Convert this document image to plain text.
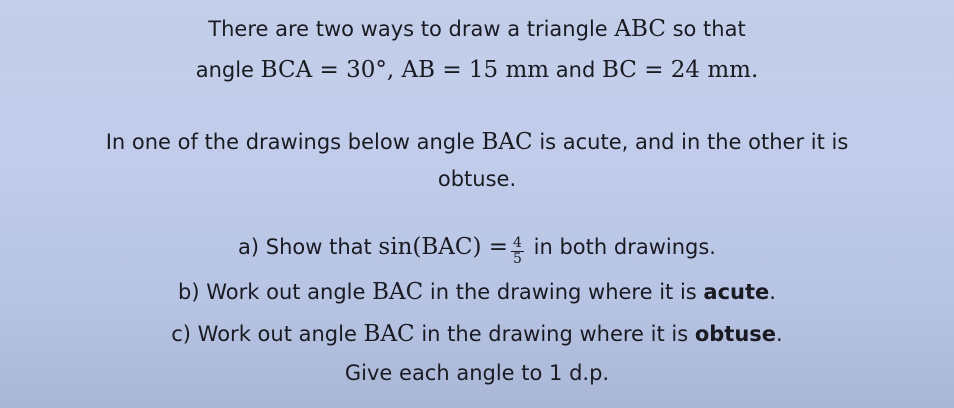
There are two ways to draw a triangle ABC so that
angle BCA = 30°, AB = 15 mm and BC = 24 mm.
In one of the drawings below angle BAC is acute, and in the other it is
obtuse.
a) Show that $\sin(BAC) = \frac{4}{5}$ in both drawings.
b) Work out angle BAC in the drawing where it is acute.
c) Work out angle BAC in the drawing where it is obtuse.
Give each angle to 1 d.p.
